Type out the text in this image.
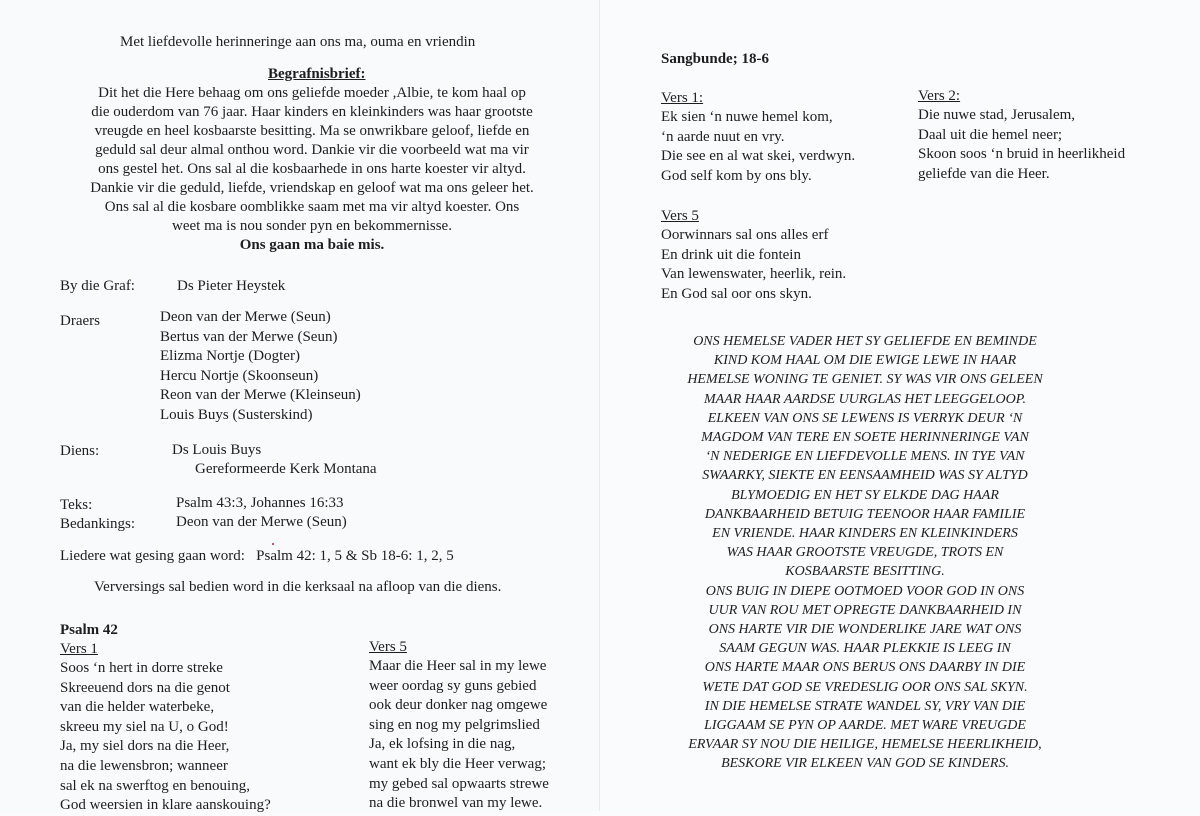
Met liefdevolle herinneringe aan ons ma, ouma en vriendin
Begrafnisbrief:
Dit het die Here behaag om ons geliefde moeder ,Albie, te kom haal op
die ouderdom van 76 jaar. Haar kinders en kleinkinders was haar grootste
vreugde en heel kosbaarste besitting. Ma se onwrikbare geloof, liefde en
geduld sal deur almal onthou word. Dankie vir die voorbeeld wat ma vir
ons gestel het. Ons sal al die kosbaarhede in ons harte koester vir altyd.
Dankie vir die geduld, liefde, vriendskap en geloof wat ma ons geleer het.
Ons sal al die kosbare oomblikke saam met ma vir altyd koester. Ons
weet ma is nou sonder pyn en bekommernisse.
Ons gaan ma baie mis.
By die Graf:	Ds Pieter Heystek
Draers	Deon van der Merwe (Seun)
Bertus van der Merwe (Seun)
Elizma Nortje (Dogter)
Hercu Nortje (Skoonseun)
Reon van der Merwe (Kleinseun)
Louis Buys (Susterskind)
Diens:	Ds Louis Buys
Gereformeerde Kerk Montana
Teks:	Psalm 43:3, Johannes 16:33
Bedankings:	Deon van der Merwe (Seun)
Liedere wat gesing gaan word:   Psalm 42: 1, 5 & Sb 18-6: 1, 2, 5
Verversings sal bedien word in die kerksaal na afloop van die diens.
Psalm 42
Vers 1
Soos ‘n hert in dorre streke
Skreeuend dors na die genot
van die helder waterbeke,
skreeu my siel na U, o God!
Ja, my siel dors na die Heer,
na die lewensbron; wanneer
sal ek na swerftog en benouing,
God weersien in klare aanskouing?
Vers 5
Maar die Heer sal in my lewe
weer oordag sy guns gebied
ook deur donker nag omgewe
sing en nog my pelgrimslied
Ja, ek lofsing in die nag,
want ek bly die Heer verwag;
my gebed sal opwaarts strewe
na die bronwel van my lewe.
Sangbunde; 18-6
Vers 1:
Ek sien ‘n nuwe hemel kom,
‘n aarde nuut en vry.
Die see en al wat skei, verdwyn.
God self kom by ons bly.
Vers 2:
Die nuwe stad, Jerusalem,
Daal uit die hemel neer;
Skoon soos ‘n bruid in heerlikheid
geliefde van die Heer.
Vers 5
Oorwinnars sal ons alles erf
En drink uit die fontein
Van lewenswater, heerlik, rein.
En God sal oor ons skyn.
ONS HEMELSE VADER HET SY GELIEFDE EN BEMINDE
KIND KOM HAAL OM DIE EWIGE LEWE IN HAAR
HEMELSE WONING TE GENIET. SY WAS VIR ONS GELEEN
MAAR HAAR AARDSE UURGLAS HET LEEGGELOOP.
ELKEEN VAN ONS SE LEWENS IS VERRYK DEUR ‘N
MAGDOM VAN TERE EN SOETE HERINNERINGE VAN
‘N NEDERIGE EN LIEFDEVOLLE MENS. IN TYE VAN
SWAARKY, SIEKTE EN EENSAAMHEID WAS SY ALTYD
BLYMOEDIG EN HET SY ELKDE DAG HAAR
DANKBAARHEID BETUIG TEENOOR HAAR FAMILIE
EN VRIENDE. HAAR KINDERS EN KLEINKINDERS
WAS HAAR GROOTSTE VREUGDE, TROTS EN
KOSBAARSTE BESITTING.
ONS BUIG IN DIEPE OOTMOED VOOR GOD IN ONS
UUR VAN ROU MET OPREGTE DANKBAARHEID IN
ONS HARTE VIR DIE WONDERLIKE JARE WAT ONS
SAAM GEGUN WAS. HAAR PLEKKIE IS LEEG IN
ONS HARTE MAAR ONS BERUS ONS DAARBY IN DIE
WETE DAT GOD SE VREDESLIG OOR ONS SAL SKYN.
IN DIE HEMELSE STRATE WANDEL SY, VRY VAN DIE
LIGGAAM SE PYN OP AARDE. MET WARE VREUGDE
ERVAAR SY NOU DIE HEILIGE, HEMELSE HEERLIKHEID,
BESKORE VIR ELKEEN VAN GOD SE KINDERS.
